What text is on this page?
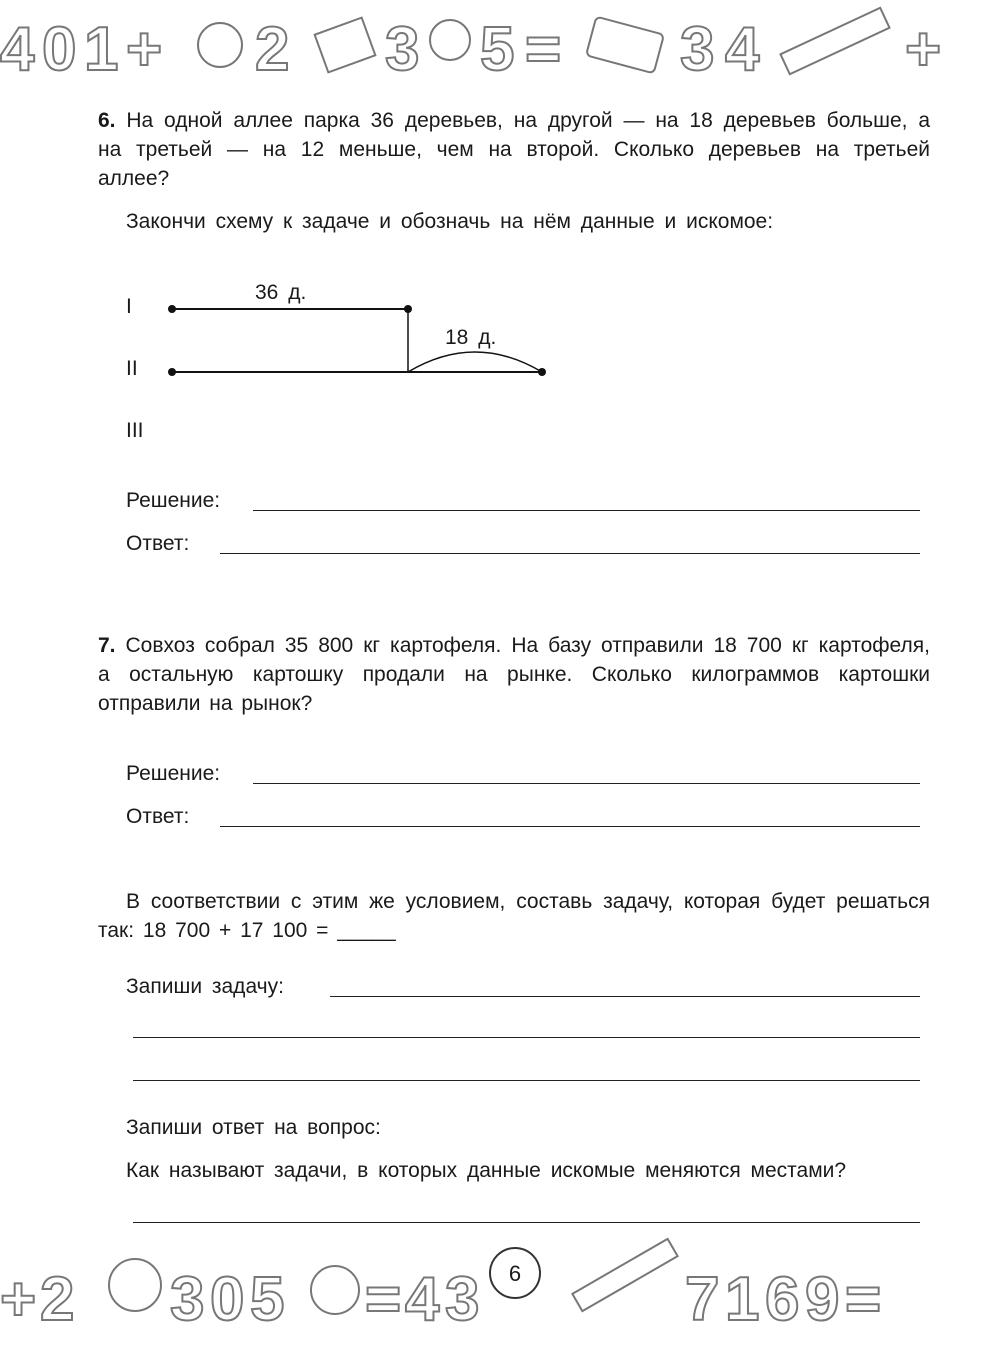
4 0 1 + 2 3 5 = 3 4 +
6. На одной аллее парка 36 деревьев, на другой — на 18 деревьев больше, а на третьей — на 12 меньше, чем на второй. Сколько деревьев на третьей аллее?
Закончи схему к задаче и обозначь на нём данные и искомое:
I
II
III
36 д.
18 д.
Решение:
Ответ:
7. Совхоз собрал 35 800 кг картофеля. На базу отправили 18 700 кг картофеля, а остальную картошку продали на рынке. Сколько килограммов картошки отправили на рынок?
Решение:
Ответ:
В соответствии с этим же условием, составь задачу, которая будет решаться так: 18 700 + 17 100 = _____
Запиши задачу:
Запиши ответ на вопрос:
Как называют задачи, в которых данные искомые меняются местами?
+ 2 3 0 5 = 4 3	7 1 6 9 =
6
